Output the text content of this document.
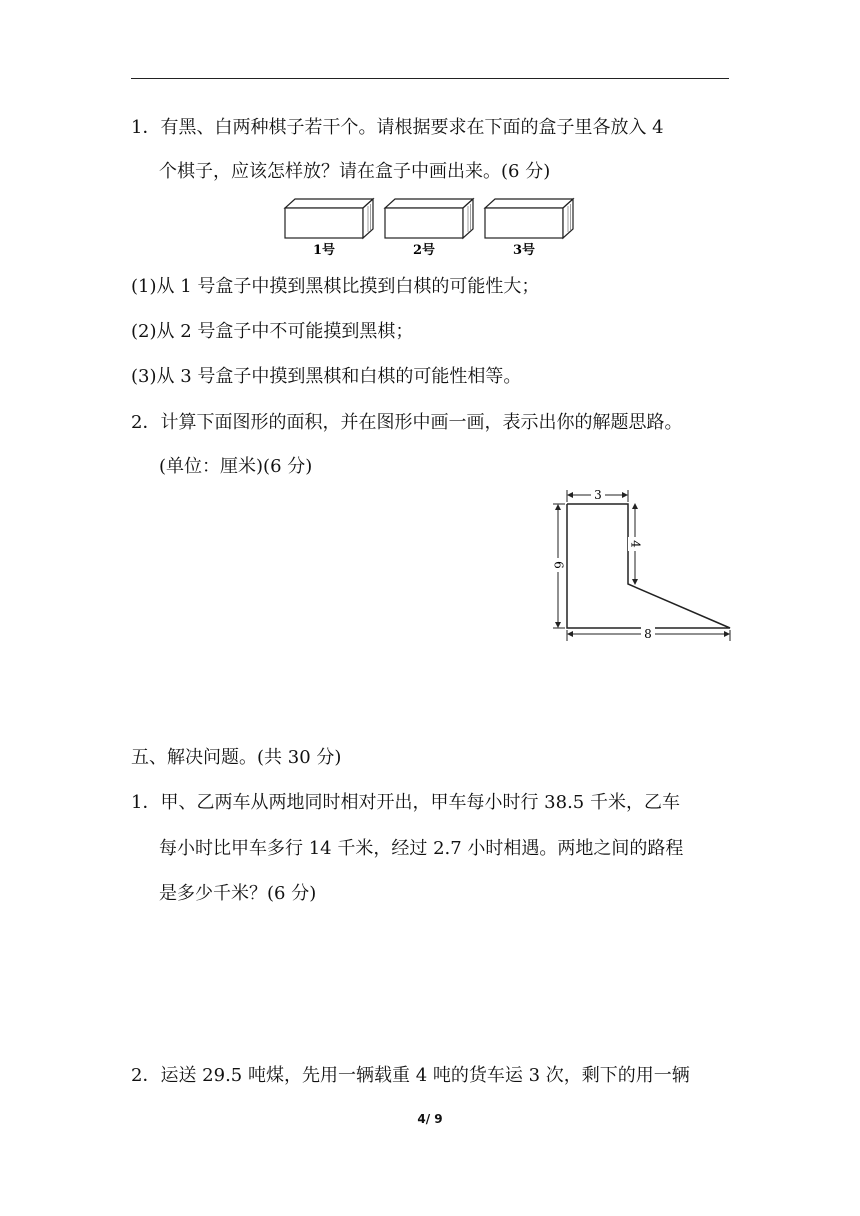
1．有黑、白两种棋子若干个。请根据要求在下面的盒子里各放入 4
个棋子，应该怎样放？请在盒子中画出来。(6 分)
1号	2号	3号
(1)从 1 号盒子中摸到黑棋比摸到白棋的可能性大；
(2)从 2 号盒子中不可能摸到黑棋；
(3)从 3 号盒子中摸到黑棋和白棋的可能性相等。
2．计算下面图形的面积，并在图形中画一画，表示出你的解题思路。
(单位：厘米)(6 分)
3
4
6
8
五、解决问题。(共 30 分)
1．甲、乙两车从两地同时相对开出，甲车每小时行 38.5 千米，乙车
每小时比甲车多行 14 千米，经过 2.7 小时相遇。两地之间的路程
是多少千米？(6 分)
2．运送 29.5 吨煤，先用一辆载重 4 吨的货车运 3 次，剩下的用一辆
4/ 9
